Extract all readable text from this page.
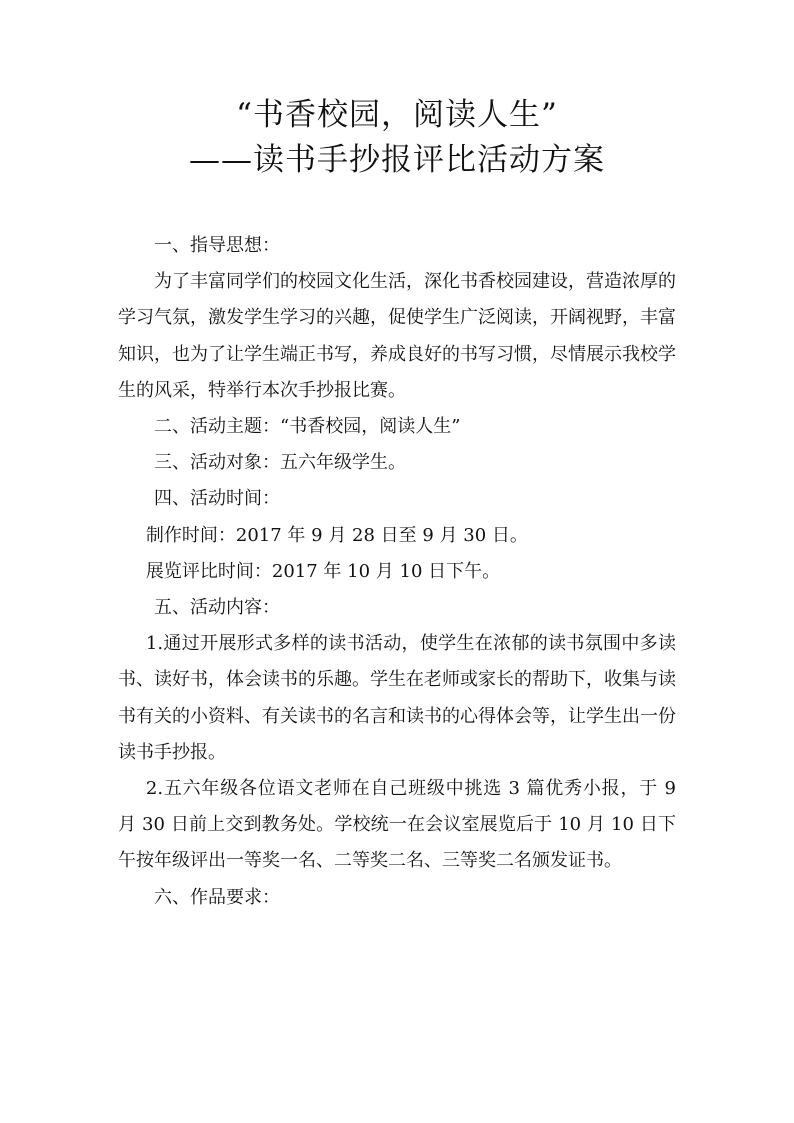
“书香校园，阅读人生”
——读书手抄报评比活动方案

一、指导思想：

为了丰富同学们的校园文化生活，深化书香校园建设，营造浓厚的学习气氛，激发学生学习的兴趣，促使学生广泛阅读，开阔视野，丰富知识，也为了让学生端正书写，养成良好的书写习惯，尽情展示我校学生的风采，特举行本次手抄报比赛。

二、活动主题：“书香校园，阅读人生”

三、活动对象：五六年级学生。

四、活动时间：

制作时间：2017 年 9 月 28 日至 9 月 30 日。

展览评比时间：2017 年 10 月 10 日下午。

五、活动内容：

1.通过开展形式多样的读书活动，使学生在浓郁的读书氛围中多读书、读好书，体会读书的乐趣。学生在老师或家长的帮助下，收集与读书有关的小资料、有关读书的名言和读书的心得体会等，让学生出一份读书手抄报。

2.五六年级各位语文老师在自己班级中挑选 3 篇优秀小报，于 9 月 30 日前上交到教务处。学校统一在会议室展览后于 10 月 10 日下午按年级评出一等奖一名、二等奖二名、三等奖二名颁发证书。

六、作品要求：
